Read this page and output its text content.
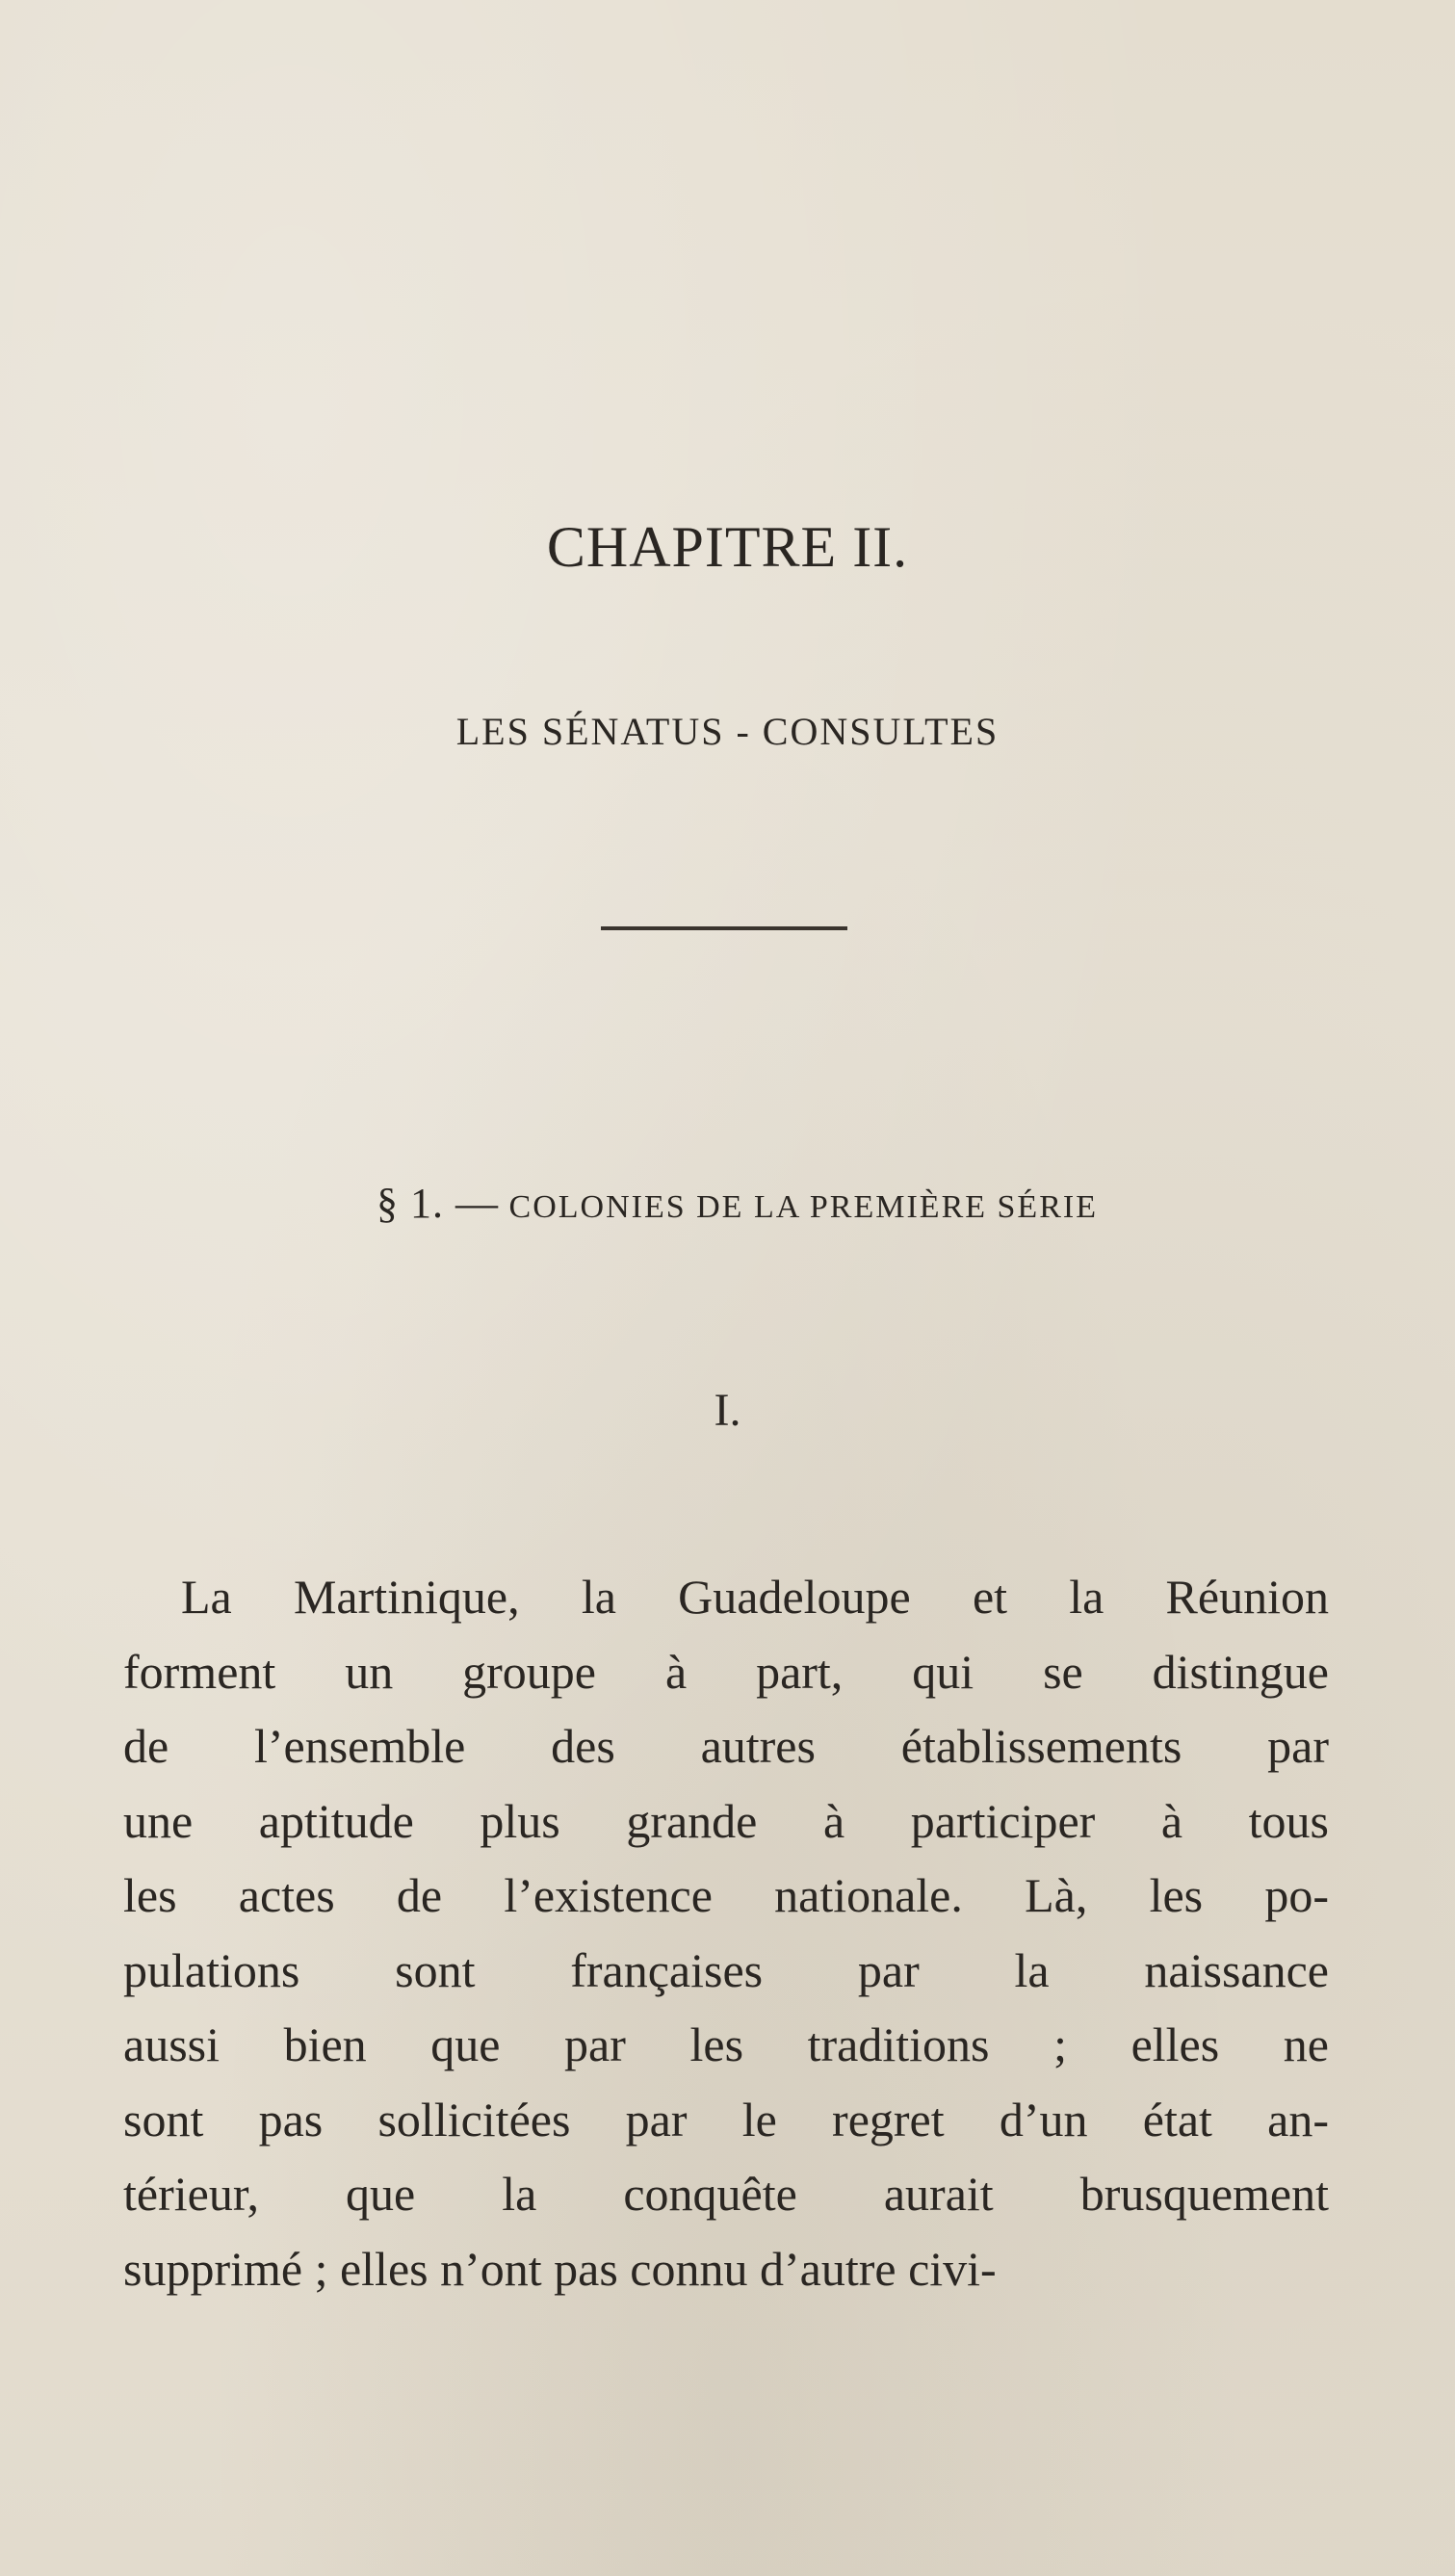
CHAPITRE II.
LES SÉNATUS - CONSULTES
§ 1. — COLONIES DE LA PREMIÈRE SÉRIE
I.

La Martinique, la Guadeloupe et la Réunion
forment un groupe à part, qui se distingue
de l’ensemble des autres établissements par
une aptitude plus grande à participer à tous
les actes de l’existence nationale. Là, les po-
pulations sont françaises par la naissance
aussi bien que par les traditions ; elles ne
sont pas sollicitées par le regret d’un état an-
térieur, que la conquête aurait brusquement
supprimé ; elles n’ont pas connu d’autre civi-
